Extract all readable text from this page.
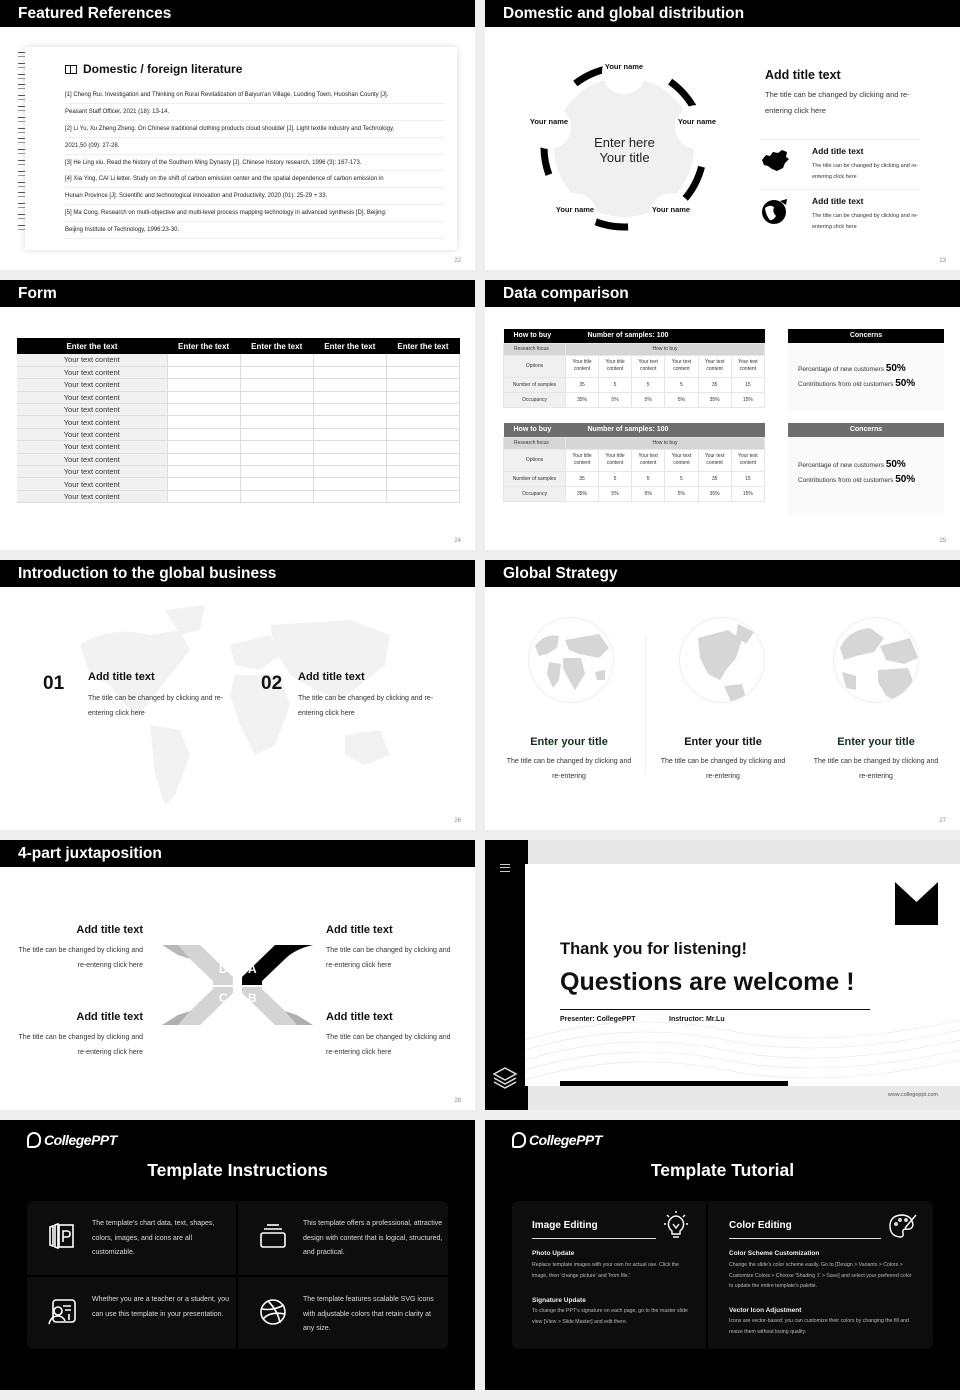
Featured References
Domestic / foreign literature
[1] Cheng Rui. Investigation and Thinking on Rural Revitalization of Baiyun'an Village, Luoding Town, Huoshan County [J].
Peasant Staff Officer, 2021 (18): 13-14.
[2] Li Yu, Xu Zheng Zheng. On Chinese traditional clothing products cloud shoulder [J]. Light textile industry and Technology,
2021,50 (09): 27-28.
[3] He Ling xiu. Read the history of the Southern Ming Dynasty [J]. Chinese history research, 1996 (3): 167-173.
[4] Xia Ying, CAI Li letter. Study on the shift of carbon emission center and the spatial dependence of carbon emission in
Hunan Province [J]. Scientific and technological innovation and Productivity, 2020 (01): 25-29 + 33.
[5] Ma Cong. Research on multi-objective and multi-level process mapping technology in advanced synthesis [D]. Beijing:
Beijing Institute of Technology, 1996:23-30.
22
Domestic and global distribution
Enter here
Your title
Your name
Your name
Your name
Your name
Your name
Add title text
The title can be changed by clicking and re-entering click here
Add title text
The title can be changed by clicking and re-entering click here
Add title text
The title can be changed by clicking and re-entering click here
23
Form
Enter the text	Enter the text	Enter the text	Enter the text	Enter the text
Your text content				
Your text content				
Your text content				
Your text content				
Your text content				
Your text content				
Your text content				
Your text content				
Your text content				
Your text content				
Your text content				
Your text content				
24
Data comparison
How to buy	Number of samples: 100					
Research focus	How to buy					
Options	Your title content	Your title content	Your text content	Your text content	Your text content	Your text content
Number of samples	35	5	5	5	35	15
Occupancy	35%	5%	5%	5%	35%	15%
How to buy	Number of samples: 100					
Research focus	How to buy					
Options	Your title content	Your title content	Your text content	Your text content	Your text content	Your text content
Number of samples	35	5	5	5	35	15
Occupancy	35%	5%	5%	5%	35%	15%
Concerns
Percentage of new customers 50%
Contributions from old customers 50%
Concerns
Percentage of new customers 50%
Contributions from old customers 50%
25
Introduction to the global business
01 Add title text
The title can be changed by clicking and re-entering click here
02 Add title text
The title can be changed by clicking and re-entering click here
26
Global Strategy
Enter your title
The title can be changed by clicking and re-entering
Enter your title
The title can be changed by clicking and re-entering
Enter your title
The title can be changed by clicking and re-entering
27
4-part juxtaposition
D A
C B
Add title text
The title can be changed by clicking and re-entering click here
Add title text
The title can be changed by clicking and re-entering click here
Add title text
The title can be changed by clicking and re-entering click here
Add title text
The title can be changed by clicking and re-entering click here
28
Thank you for listening!
Questions are welcome !
Presenter: CollegePPT	Instructor: Mr.Lu
www.collegeppt.com
CollegePPT
Template Instructions
The template's chart data, text, shapes, colors, images, and icons are all customizable.
This template offers a professional, attractive design with content that is logical, structured, and practical.
Whether you are a teacher or a student, you can use this template in your presentation.
The template features scalable SVG icons with adjustable colors that retain clarity at any size.
CollegePPT
Template Tutorial
Image Editing
Photo Update
Replace template images with your own for actual use. Click the image, then 'change picture' and 'from file.'
Signature Update
To change the PPT's signature on each page, go to the master slide view [View > Slide Master] and edit there.
Color Editing
Color Scheme Customization
Change the slide's color scheme easily. Go to [Design > Variants > Colors > Customize Colors > Choose 'Shading 1' > Save] and select your preferred color to update the entire template's palette.
Vector Icon Adjustment
Icons are vector-based; you can customize their colors by changing the fill and resize them without losing quality.
